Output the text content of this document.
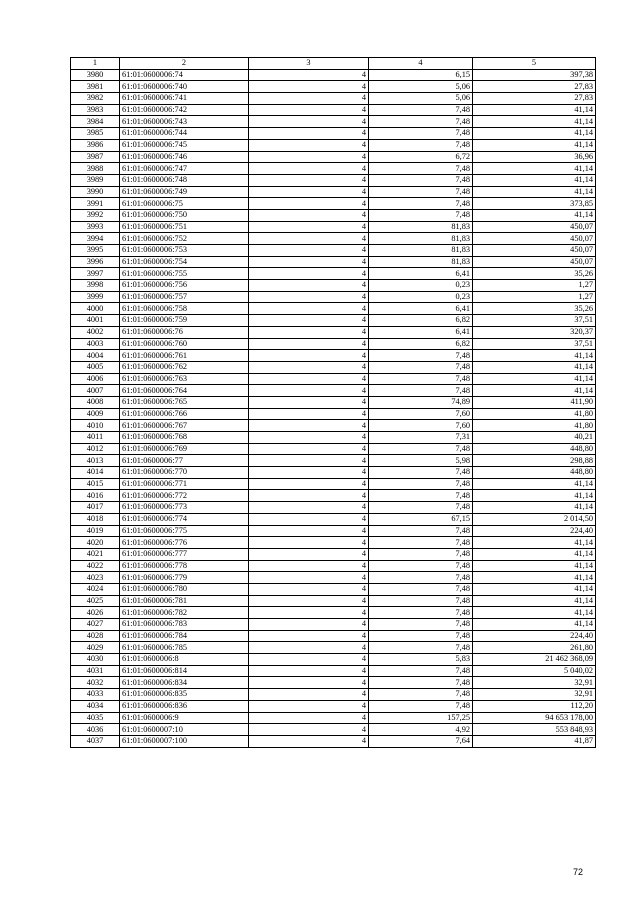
1	2	3	4	5
3980	61:01:0600006:74	4	6,15	397,38
3981	61:01:0600006:740	4	5,06	27,83
3982	61:01:0600006:741	4	5,06	27,83
3983	61:01:0600006:742	4	7,48	41,14
3984	61:01:0600006:743	4	7,48	41,14
3985	61:01:0600006:744	4	7,48	41,14
3986	61:01:0600006:745	4	7,48	41,14
3987	61:01:0600006:746	4	6,72	36,96
3988	61:01:0600006:747	4	7,48	41,14
3989	61:01:0600006:748	4	7,48	41,14
3990	61:01:0600006:749	4	7,48	41,14
3991	61:01:0600006:75	4	7,48	373,85
3992	61:01:0600006:750	4	7,48	41,14
3993	61:01:0600006:751	4	81,83	450,07
3994	61:01:0600006:752	4	81,83	450,07
3995	61:01:0600006:753	4	81,83	450,07
3996	61:01:0600006:754	4	81,83	450,07
3997	61:01:0600006:755	4	6,41	35,26
3998	61:01:0600006:756	4	0,23	1,27
3999	61:01:0600006:757	4	0,23	1,27
4000	61:01:0600006:758	4	6,41	35,26
4001	61:01:0600006:759	4	6,82	37,51
4002	61:01:0600006:76	4	6,41	320,37
4003	61:01:0600006:760	4	6,82	37,51
4004	61:01:0600006:761	4	7,48	41,14
4005	61:01:0600006:762	4	7,48	41,14
4006	61:01:0600006:763	4	7,48	41,14
4007	61:01:0600006:764	4	7,48	41,14
4008	61:01:0600006:765	4	74,89	411,90
4009	61:01:0600006:766	4	7,60	41,80
4010	61:01:0600006:767	4	7,60	41,80
4011	61:01:0600006:768	4	7,31	40,21
4012	61:01:0600006:769	4	7,48	448,80
4013	61:01:0600006:77	4	5,98	298,88
4014	61:01:0600006:770	4	7,48	448,80
4015	61:01:0600006:771	4	7,48	41,14
4016	61:01:0600006:772	4	7,48	41,14
4017	61:01:0600006:773	4	7,48	41,14
4018	61:01:0600006:774	4	67,15	2 014,50
4019	61:01:0600006:775	4	7,48	224,40
4020	61:01:0600006:776	4	7,48	41,14
4021	61:01:0600006:777	4	7,48	41,14
4022	61:01:0600006:778	4	7,48	41,14
4023	61:01:0600006:779	4	7,48	41,14
4024	61:01:0600006:780	4	7,48	41,14
4025	61:01:0600006:781	4	7,48	41,14
4026	61:01:0600006:782	4	7,48	41,14
4027	61:01:0600006:783	4	7,48	41,14
4028	61:01:0600006:784	4	7,48	224,40
4029	61:01:0600006:785	4	7,48	261,80
4030	61:01:0600006:8	4	5,83	21 462 368,09
4031	61:01:0600006:814	4	7,48	5 040,02
4032	61:01:0600006:834	4	7,48	32,91
4033	61:01:0600006:835	4	7,48	32,91
4034	61:01:0600006:836	4	7,48	112,20
4035	61:01:0600006:9	4	157,25	94 653 178,00
4036	61:01:0600007:10	4	4,92	553 848,93
4037	61:01:0600007:100	4	7,64	41,87
72
